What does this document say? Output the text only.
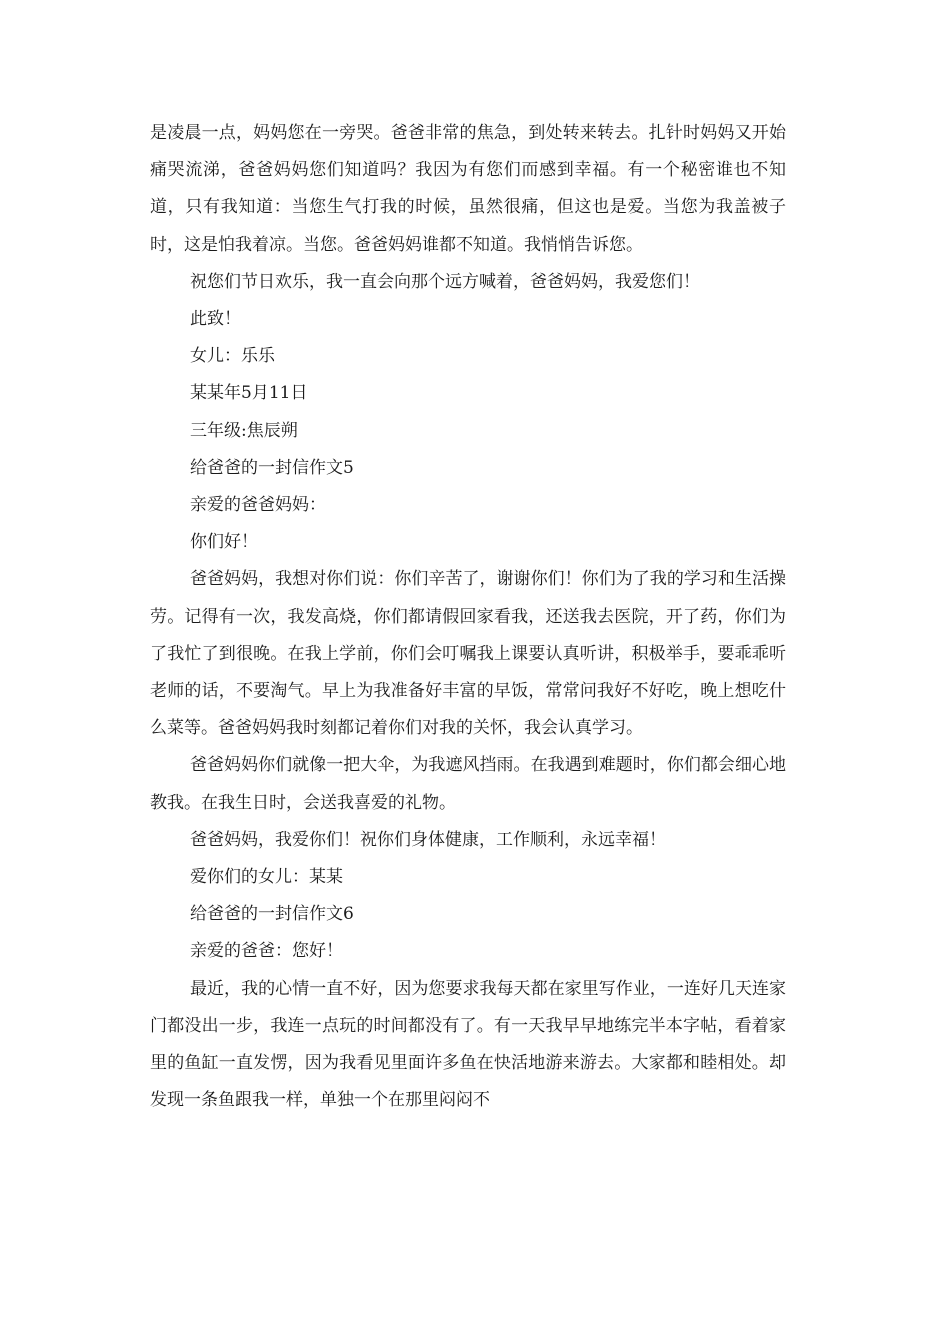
是凌晨一点，妈妈您在一旁哭。爸爸非常的焦急，到处转来转去。扎针时妈妈又开始痛哭流涕，爸爸妈妈您们知道吗？我因为有您们而感到幸福。有一个秘密谁也不知道，只有我知道：当您生气打我的时候，虽然很痛，但这也是爱。当您为我盖被子时，这是怕我着凉。当您。爸爸妈妈谁都不知道。我悄悄告诉您。

祝您们节日欢乐，我一直会向那个远方喊着，爸爸妈妈，我爱您们！

此致！

女儿：乐乐

某某年5月11日

三年级:焦辰朔

给爸爸的一封信作文5

亲爱的爸爸妈妈：

你们好！

爸爸妈妈，我想对你们说：你们辛苦了，谢谢你们！你们为了我的学习和生活操劳。记得有一次，我发高烧，你们都请假回家看我，还送我去医院，开了药，你们为了我忙了到很晚。在我上学前，你们会叮嘱我上课要认真听讲，积极举手，要乖乖听老师的话，不要淘气。早上为我准备好丰富的早饭，常常问我好不好吃，晚上想吃什么菜等。爸爸妈妈我时刻都记着你们对我的关怀，我会认真学习。

爸爸妈妈你们就像一把大伞，为我遮风挡雨。在我遇到难题时，你们都会细心地教我。在我生日时，会送我喜爱的礼物。

爸爸妈妈，我爱你们！祝你们身体健康，工作顺利，永远幸福！

爱你们的女儿：某某

给爸爸的一封信作文6

亲爱的爸爸：您好！

最近，我的心情一直不好，因为您要求我每天都在家里写作业，一连好几天连家门都没出一步，我连一点玩的时间都没有了。有一天我早早地练完半本字帖，看着家里的鱼缸一直发愣，因为我看见里面许多鱼在快活地游来游去。大家都和睦相处。却发现一条鱼跟我一样，单独一个在那里闷闷不
